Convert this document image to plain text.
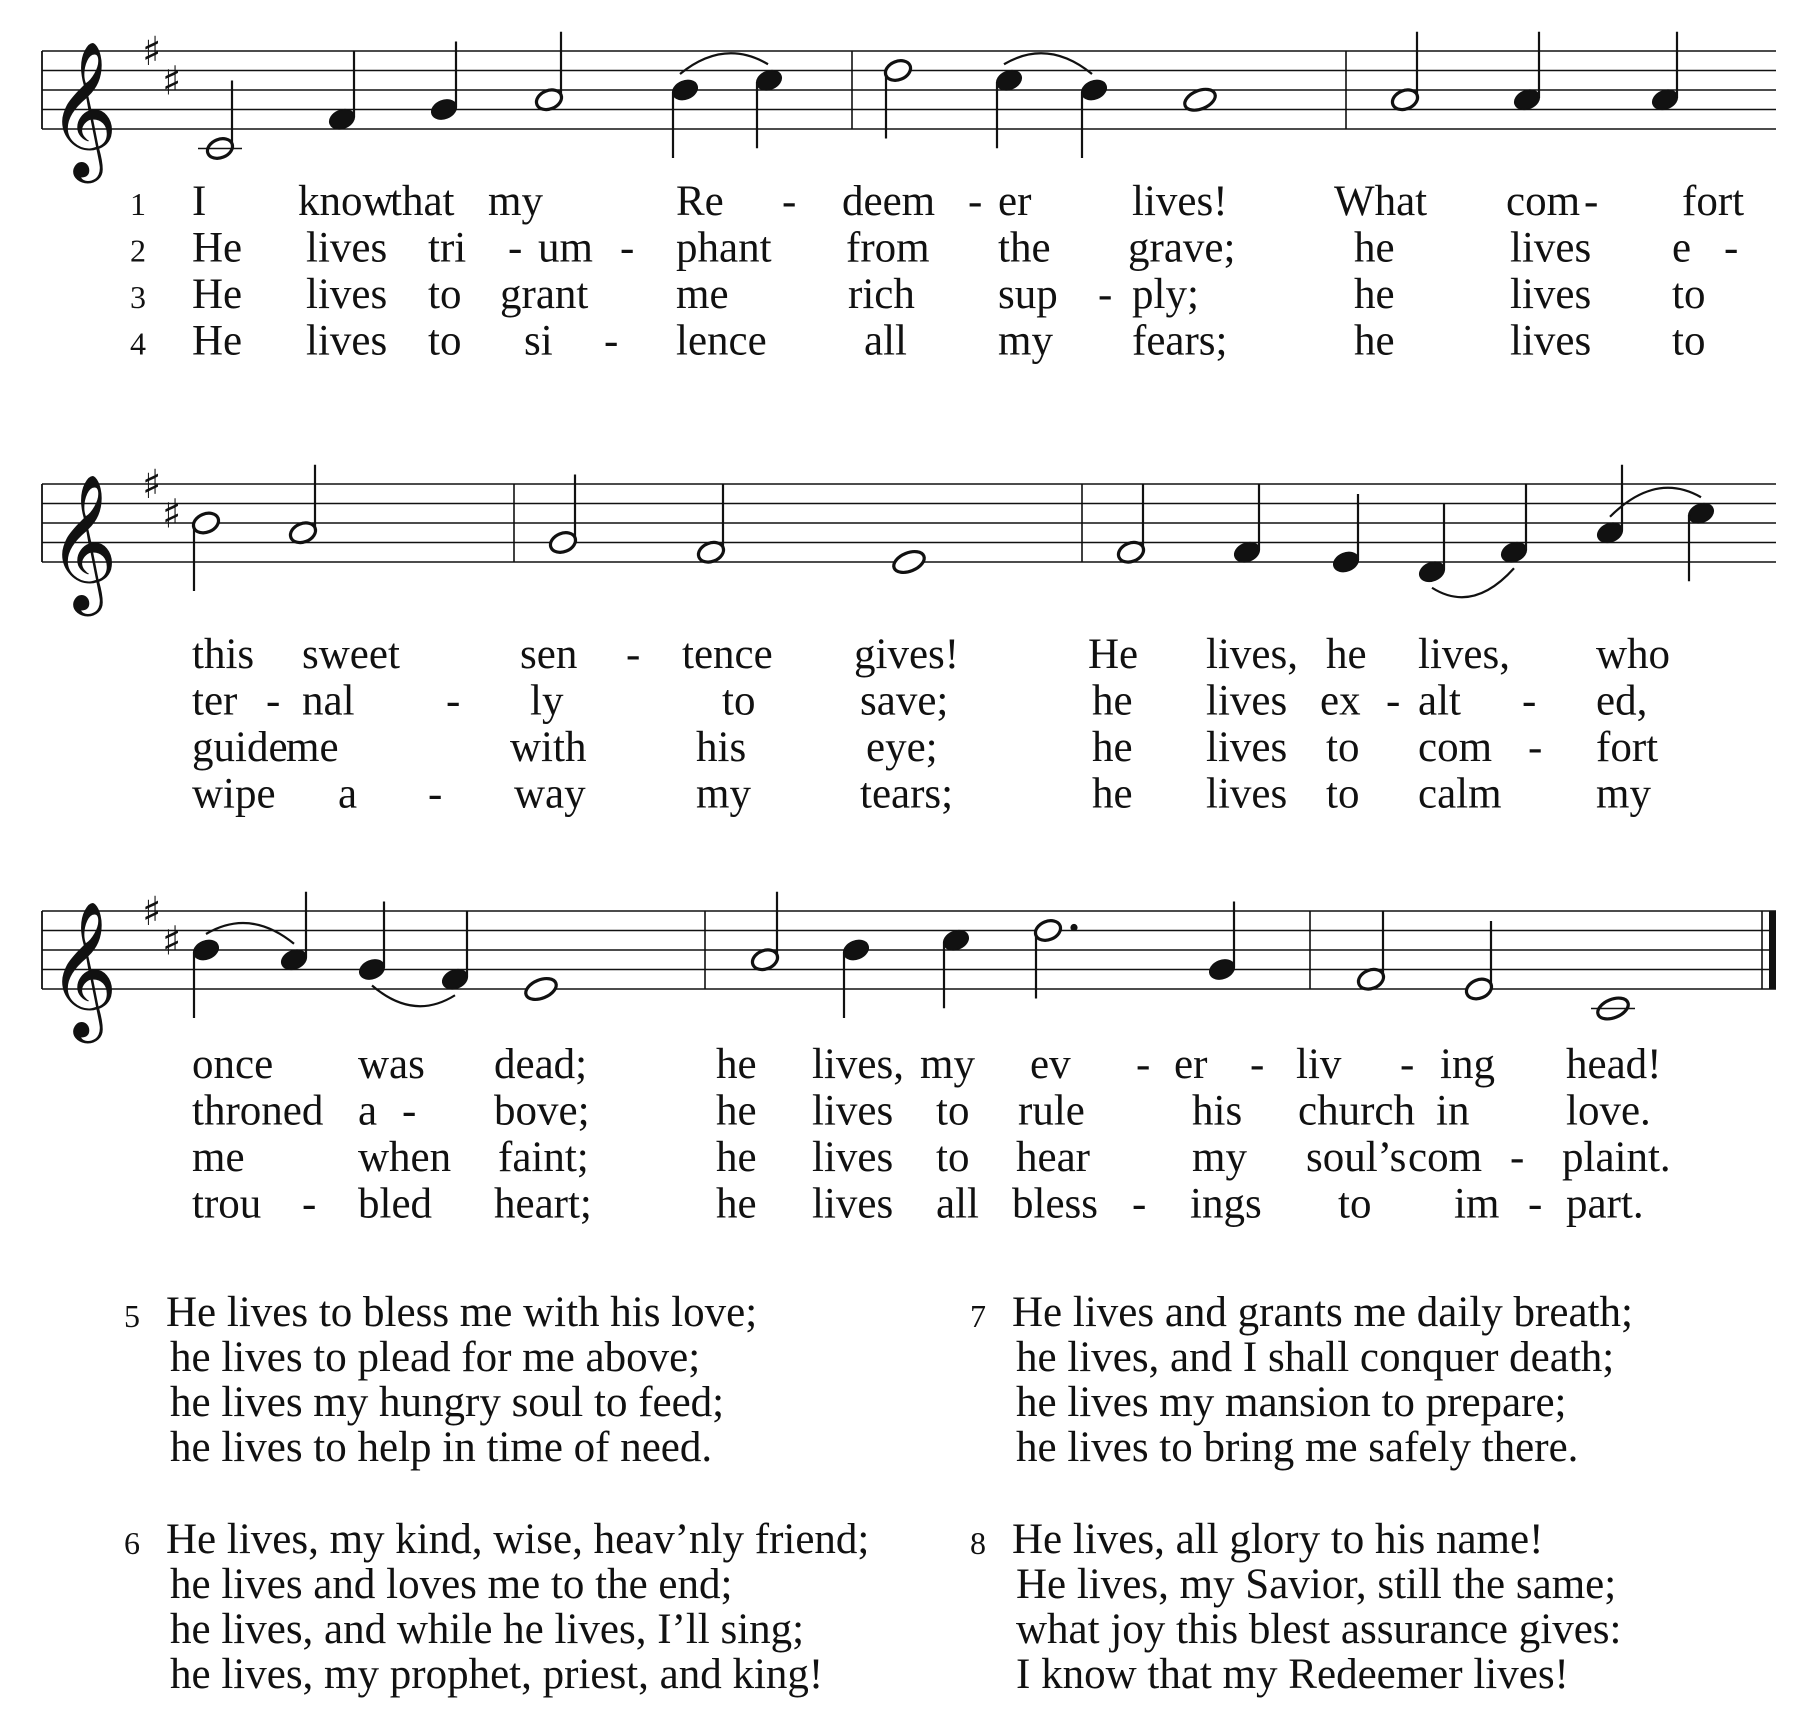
𝄞 ♯
♯
𝄞 ♯
♯
𝄞 ♯
♯
1
2
3
4
I know
that my	Re - deem - er lives! What com - fort
He lives tri - um - phant from the grave;	he	lives e -
He lives to grant me	rich sup - ply;	he	lives to
He lives to si - lence all my fears;	he	lives to
this sweet	sen - tence gives!	He lives, he lives, who
ter - nal - ly	to save;	he lives ex - alt - ed,
guide
me	with	his	eye;	he lives to com - fort
wipe a - way	my	tears;	he lives to calm my
once was dead;	he lives, my ev - er - liv - ing head!
throned a - bove;	he lives to rule his church in love.
me	when faint;	he lives to hear my soul’s com - plaint.
trou - bled heart;	he lives all bless - ings to im - part.
5 He lives to bless me with his love;
he lives to plead for me above;
he lives my hungry soul to feed;
he lives to help in time of need.
7 He lives and grants me daily breath;
he lives, and I shall conquer death;
he lives my mansion to prepare;
he lives to bring me safely there.
6 He lives, my kind, wise, heav’nly friend;
he lives and loves me to the end;
he lives, and while he lives, I’ll sing;
he lives, my prophet, priest, and king!
8 He lives, all glory to his name!
He lives, my Savior, still the same;
what joy this blest assurance gives:
I know that my Redeemer lives!
